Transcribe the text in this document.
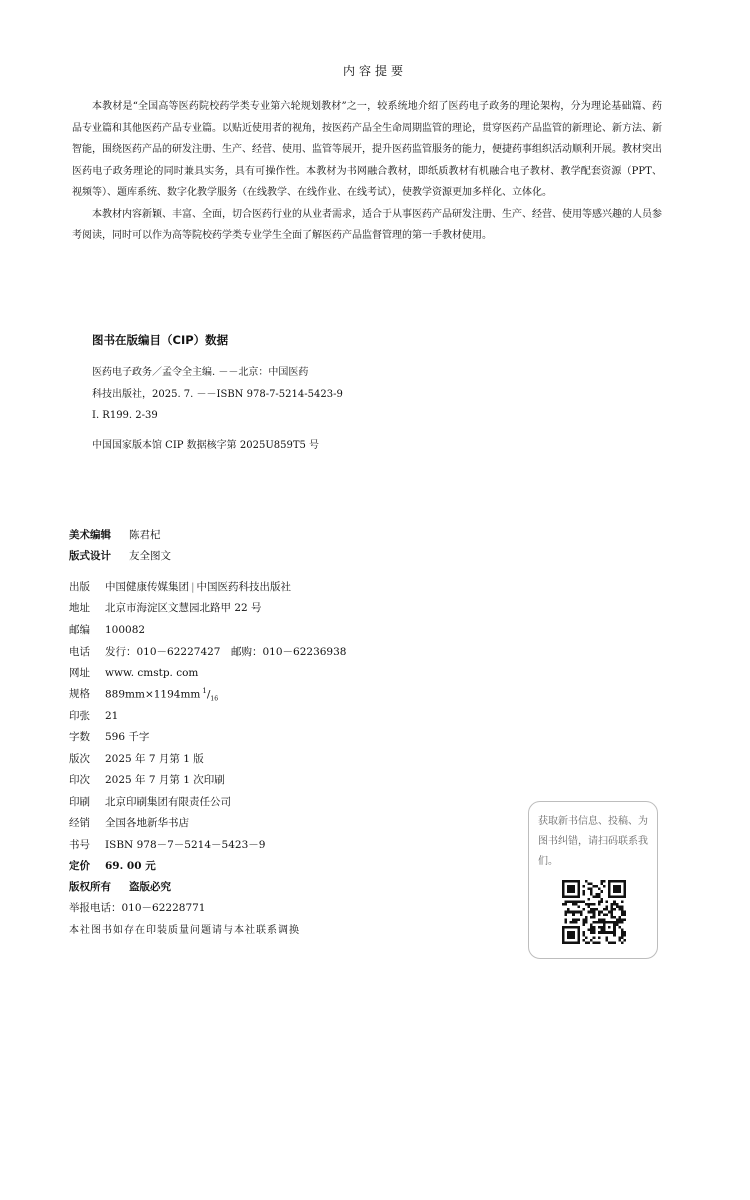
内容提要

本教材是“全国高等医药院校药学类专业第六轮规划教材”之一，较系统地介绍了医药电子政务的理论架构，分为理论基础篇、药品专业篇和其他医药产品专业篇。以贴近使用者的视角，按医药产品全生命周期监管的理论，贯穿医药产品监管的新理论、新方法、新智能，围绕医药产品的研发注册、生产、经营、使用、监管等展开，提升医药监管服务的能力，便捷药事组织活动顺利开展。教材突出医药电子政务理论的同时兼具实务，具有可操作性。本教材为书网融合教材，即纸质教材有机融合电子教材、教学配套资源（PPT、视频等）、题库系统、数字化教学服务（在线教学、在线作业、在线考试），使教学资源更加多样化、立体化。

本教材内容新颖、丰富、全面，切合医药行业的从业者需求，适合于从事医药产品研发注册、生产、经营、使用等感兴趣的人员参考阅读，同时可以作为高等院校药学类专业学生全面了解医药产品监督管理的第一手教材使用。

图书在版编目（CIP）数据
医药电子政务／孟令全主编. －－北京：中国医药
科技出版社，2025. 7. －－ISBN 978-7-5214-5423-9
Ⅰ. R199. 2-39
中国国家版本馆 CIP 数据核字第 2025U859T5 号
美术编辑	陈君杞
版式设计	友全图文
出版	中国健康传媒集团 | 中国医药科技出版社
地址	北京市海淀区文慧园北路甲 22 号
邮编	100082
电话	发行：010－62227427　邮购：010－62236938
网址	www. cmstp. com
规格	889mm×1194mm $^1/_{16}$
印张	21
字数	596 千字
版次	2025 年 7 月第 1 版
印次	2025 年 7 月第 1 次印刷
印刷	北京印刷集团有限责任公司
经销	全国各地新华书店
书号	ISBN 978－7－5214－5423－9
定价	69. 00 元
版权所有	盗版必究
举报电话： 010－62228771
本社图书如存在印装质量问题请与本社联系调换
获取新书信息、投稿、为图书纠错，请扫码联系我们。
